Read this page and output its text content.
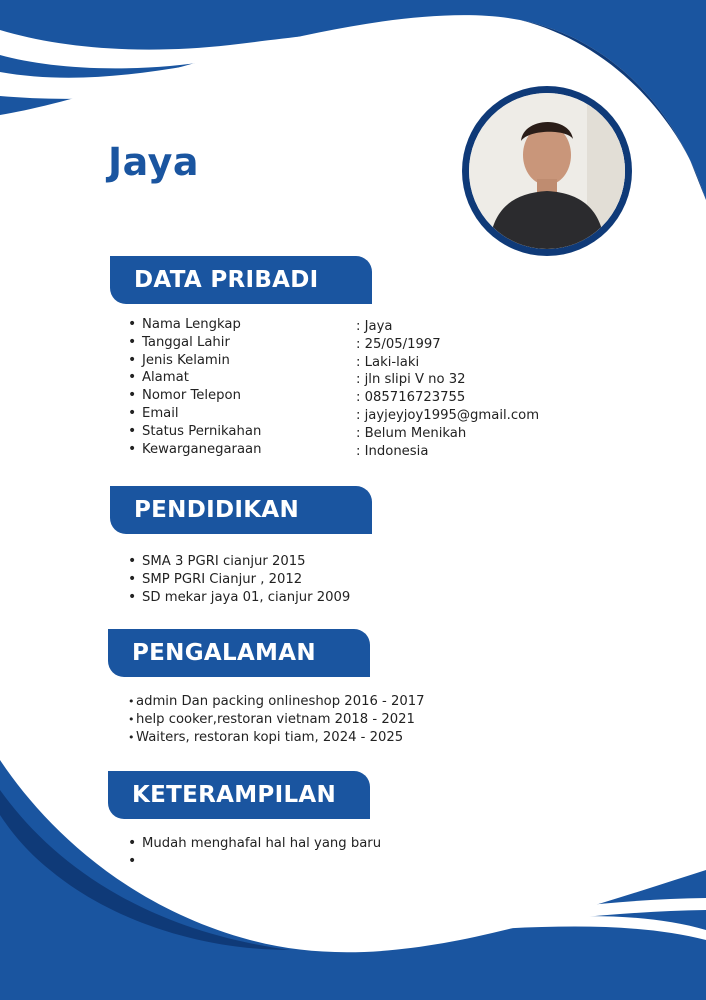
Jaya
DATA PRIBADI
•Nama Lengkap
•Tanggal Lahir
•Jenis Kelamin
•Alamat
•Nomor Telepon
•Email
•Status Pernikahan
•Kewarganegaraan
: Jaya
: 25/05/1997
: Laki-laki
: jln slipi V no 32
: 085716723755
: jayjeyjoy1995@gmail.com
: Belum Menikah
: Indonesia
PENDIDIKAN
•SMA 3 PGRI cianjur 2015
•SMP PGRI Cianjur , 2012
•SD mekar jaya 01, cianjur 2009
PENGALAMAN
•admin Dan packing onlineshop 2016 - 2017
•help cooker,restoran vietnam 2018 - 2021
•Waiters, restoran kopi tiam, 2024 - 2025
KETERAMPILAN
•Mudah menghafal hal hal yang baru
•
